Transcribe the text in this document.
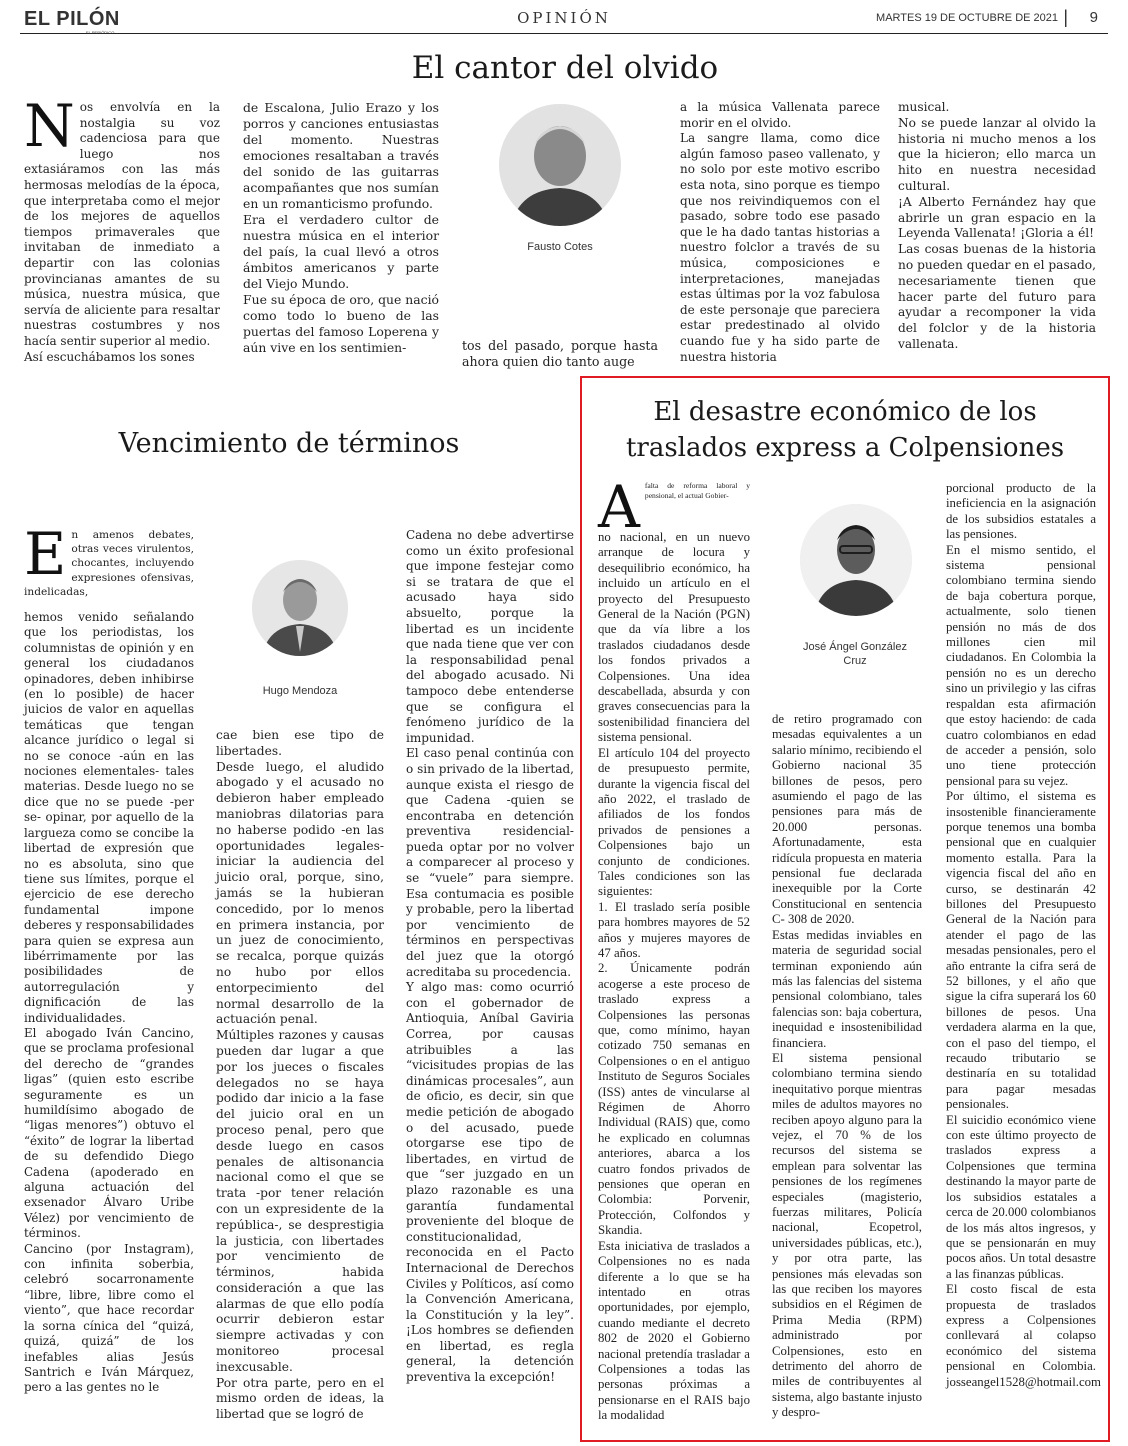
EL PILÓN
EL PERIÓDICO
OPINIÓN	MARTES 19 DE OCTUBRE DE 2021 | 9
El cantor del olvido
Nos envolvía en la nostalgia su voz cadenciosa para que luego nos extasiáramos con las más hermosas melodías de la época, que interpretaba como el mejor de los mejores de aquellos tiempos primaverales que invitaban de inmediato a departir con las colonias provincianas amantes de su música, nuestra música, que servía de aliciente para resaltar nuestras costumbres y nos hacía sentir superior al medio.
Así escuchábamos los sones
de Escalona, Julio Erazo y los porros y canciones entusiastas del momento. Nuestras emociones resaltaban a través del sonido de las guitarras acompañantes que nos sumían en un romanticismo profundo.
Era el verdadero cultor de nuestra música en el interior del país, la cual llevó a otros ámbitos americanos y parte del Viejo Mundo.
Fue su época de oro, que nació como todo lo bueno de las puertas del famoso Loperena y aún vive en los sentimien-
Fausto Cotes
tos del pasado, porque hasta ahora quien dio tanto auge
a la música Vallenata parece morir en el olvido.
La sangre llama, como dice algún famoso paseo vallenato, y no solo por este motivo escribo esta nota, sino porque es tiempo que nos reivindiquemos con el pasado, sobre todo ese pasado que le ha dado tantas historias a nuestro folclor a través de su música, composiciones e interpretaciones, manejadas estas últimas por la voz fabulosa de este personaje que pareciera estar predestinado al olvido cuando fue y ha sido parte de nuestra historia
musical.
No se puede lanzar al olvido la historia ni mucho menos a los que la hicieron; ello marca un hito en nuestra necesidad cultural.
¡A Alberto Fernández hay que abrirle un gran espacio en la Leyenda Vallenata! ¡Gloria a él!
Las cosas buenas de la historia no pueden quedar en el pasado, necesariamente tienen que hacer parte del futuro para ayudar a recomponer la vida del folclor y de la historia vallenata.
Vencimiento de términos
En amenos debates, otras veces virulentos, chocantes, incluyendo expresiones ofensivas, indelicadas,
hemos venido señalando que los periodistas, los columnistas de opinión y en general los ciudadanos opinadores, deben inhibirse (en lo posible) de hacer juicios de valor en aquellas temáticas que tengan alcance jurídico o legal si no se conoce -aún en las nociones elementales- tales materias. Desde luego no se dice que no se puede -per se- opinar, por aquello de la largueza como se concibe la libertad de expresión que no es absoluta, sino que tiene sus límites, porque el ejercicio de ese derecho fundamental impone deberes y responsabilidades para quien se expresa aun libérrimamente por las posibilidades de autorregulación y dignificación de las individualidades.
El abogado Iván Cancino, que se proclama profesional del derecho de “grandes ligas” (quien esto escribe seguramente es un humildísimo abogado de “ligas menores”) obtuvo el “éxito” de lograr la libertad de su defendido Diego Cadena (apoderado en alguna actuación del exsenador Álvaro Uribe Vélez) por vencimiento de términos.
Cancino (por Instagram), con infinita soberbia, celebró socarronamente “libre, libre, libre como el viento”, que hace recordar la sorna cínica del “quizá, quizá, quizá” de los inefables alias Jesús Santrich e Iván Márquez, pero a las gentes no le
Hugo Mendoza
cae bien ese tipo de libertades.
Desde luego, el aludido abogado y el acusado no debieron haber empleado maniobras dilatorias para no haberse podido -en las oportunidades legales- iniciar la audiencia del juicio oral, porque, sino, jamás se la hubieran concedido, por lo menos en primera instancia, por un juez de conocimiento, se recalca, porque quizás no hubo por ellos entorpecimiento del normal desarrollo de la actuación penal.
Múltiples razones y causas pueden dar lugar a que por los jueces o fiscales delegados no se haya podido dar inicio a la fase del juicio oral en un proceso penal, pero que desde luego en casos penales de altisonancia nacional como el que se trata -por tener relación con un expresidente de la república-, se desprestigia la justicia, con libertades por vencimiento de términos, habida consideración a que las alarmas de que ello podía ocurrir debieron estar siempre activadas y con monitoreo procesal inexcusable.
Por otra parte, pero en el mismo orden de ideas, la libertad que se logró de
Cadena no debe advertirse como un éxito profesional que impone festejar como si se tratara de que el acusado haya sido absuelto, porque la libertad es un incidente que nada tiene que ver con la responsabilidad penal del abogado acusado. Ni tampoco debe entenderse que se configura el fenómeno jurídico de la impunidad.
El caso penal continúa con o sin privado de la libertad, aunque exista el riesgo de que Cadena -quien se encontraba en detención preventiva residencial- pueda optar por no volver a comparecer al proceso y se “vuele” para siempre. Esa contumacia es posible y probable, pero la libertad por vencimiento de términos en perspectivas del juez que la otorgó acreditaba su procedencia.
Y algo mas: como ocurrió con el gobernador de Antioquia, Aníbal Gaviria Correa, por causas atribuibles a las “vicisitudes propias de las dinámicas procesales”, aun de oficio, es decir, sin que medie petición de abogado o del acusado, puede otorgarse ese tipo de libertades, en virtud de que “ser juzgado en un plazo razonable es una garantía fundamental proveniente del bloque de constitucionalidad, reconocida en el Pacto Internacional de Derechos Civiles y Políticos, así como la Convención Americana, la Constitución y la ley”. ¡Los hombres se defienden en libertad, es regla general, la detención preventiva la excepción!
El desastre económico de los
traslados express a Colpensiones
Afalta de reforma laboral y pensional, el actual Gobier-
no nacional, en un nuevo arranque de locura y desequilibrio económico, ha incluido un artículo en el proyecto del Presupuesto General de la Nación (PGN) que da vía libre a los traslados ciudadanos desde los fondos privados a Colpensiones. Una idea descabellada, absurda y con graves consecuencias para la sostenibilidad financiera del sistema pensional.
El artículo 104 del proyecto de presupuesto permite, durante la vigencia fiscal del año 2022, el traslado de afiliados de los fondos privados de pensiones a Colpensiones bajo un conjunto de condiciones. Tales condiciones son las siguientes:
1. El traslado sería posible para hombres mayores de 52 años y mujeres mayores de 47 años.
2. Únicamente podrán acogerse a este proceso de traslado express a Colpensiones las personas que, como mínimo, hayan cotizado 750 semanas en Colpensiones o en el antiguo Instituto de Seguros Sociales (ISS) antes de vincularse al Régimen de Ahorro Individual (RAIS) que, como he explicado en columnas anteriores, abarca a los cuatro fondos privados de pensiones que operan en Colombia: Porvenir, Protección, Colfondos y Skandia.
Esta iniciativa de traslados a Colpensiones no es nada diferente a lo que se ha intentado en otras oportunidades, por ejemplo, cuando mediante el decreto 802 de 2020 el Gobierno nacional pretendía trasladar a Colpensiones a todas las personas próximas a pensionarse en el RAIS bajo la modalidad
José Ángel González
Cruz
de retiro programado con mesadas equivalentes a un salario mínimo, recibiendo el Gobierno nacional 35 billones de pesos, pero asumiendo el pago de las pensiones para más de 20.000 personas. Afortunadamente, esta ridícula propuesta en materia pensional fue declarada inexequible por la Corte Constitucional en sentencia C- 308 de 2020.
Estas medidas inviables en materia de seguridad social terminan exponiendo aún más las falencias del sistema pensional colombiano, tales falencias son: baja cobertura, inequidad e insostenibilidad financiera.
El sistema pensional colombiano termina siendo inequitativo porque mientras miles de adultos mayores no reciben apoyo alguno para la vejez, el 70 % de los recursos del sistema se emplean para solventar las pensiones de los regímenes especiales (magisterio, fuerzas militares, Policía nacional, Ecopetrol, universidades públicas, etc.), y por otra parte, las pensiones más elevadas son las que reciben los mayores subsidios en el Régimen de Prima Media (RPM) administrado por Colpensiones, esto en detrimento del ahorro de miles de contribuyentes al sistema, algo bastante injusto y despro-
porcional producto de la ineficiencia en la asignación de los subsidios estatales a las pensiones.
En el mismo sentido, el sistema pensional colombiano termina siendo de baja cobertura porque, actualmente, solo tienen pensión no más de dos millones cien mil ciudadanos. En Colombia la pensión no es un derecho sino un privilegio y las cifras respaldan esta afirmación que estoy haciendo: de cada cuatro colombianos en edad de acceder a pensión, solo uno tiene protección pensional para su vejez.
Por último, el sistema es insostenible financieramente porque tenemos una bomba pensional que en cualquier momento estalla. Para la vigencia fiscal del año en curso, se destinarán 42 billones del Presupuesto General de la Nación para atender el pago de las mesadas pensionales, pero el año entrante la cifra será de 52 billones, y el año que sigue la cifra superará los 60 billones de pesos. Una verdadera alarma en la que, con el paso del tiempo, el recaudo tributario se destinaría en su totalidad para pagar mesadas pensionales.
El suicidio económico viene con este último proyecto de traslados express a Colpensiones que termina destinando la mayor parte de los subsidios estatales a cerca de 20.000 colombianos de los más altos ingresos, y que se pensionarán en muy pocos años. Un total desastre a las finanzas públicas.
El costo fiscal de esta propuesta de traslados express a Colpensiones conllevará al colapso económico del sistema pensional en Colombia. josseangel1528@hotmail.com
